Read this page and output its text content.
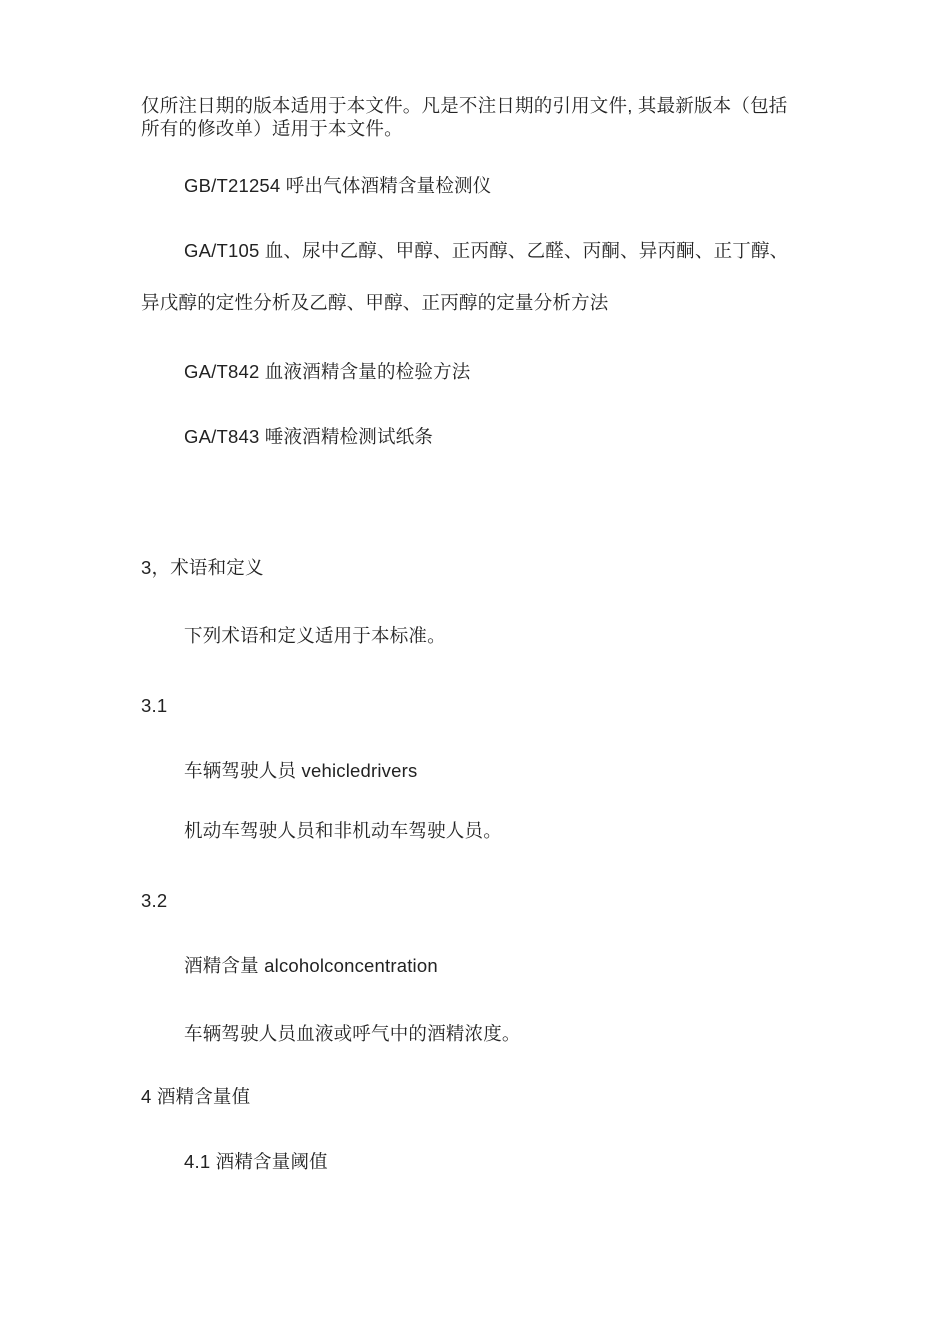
仅所注日期的版本适用于本文件。凡是不注日期的引用文件, 其最新版本（包括
所有的修改单）适用于本文件。
GB/T21254 呼出气体酒精含量检测仪
GA/T105 血、尿中乙醇、甲醇、正丙醇、乙醛、丙酮、异丙酮、正丁醇、
异戊醇的定性分析及乙醇、甲醇、正丙醇的定量分析方法
GA/T842 血液酒精含量的检验方法
GA/T843 唾液酒精检测试纸条
3，术语和定义
下列术语和定义适用于本标准。
3.1
车辆驾驶人员 vehicledrivers
机动车驾驶人员和非机动车驾驶人员。
3.2
酒精含量 alcoholconcentration
车辆驾驶人员血液或呼气中的酒精浓度。
4 酒精含量值
4.1 酒精含量阈值
